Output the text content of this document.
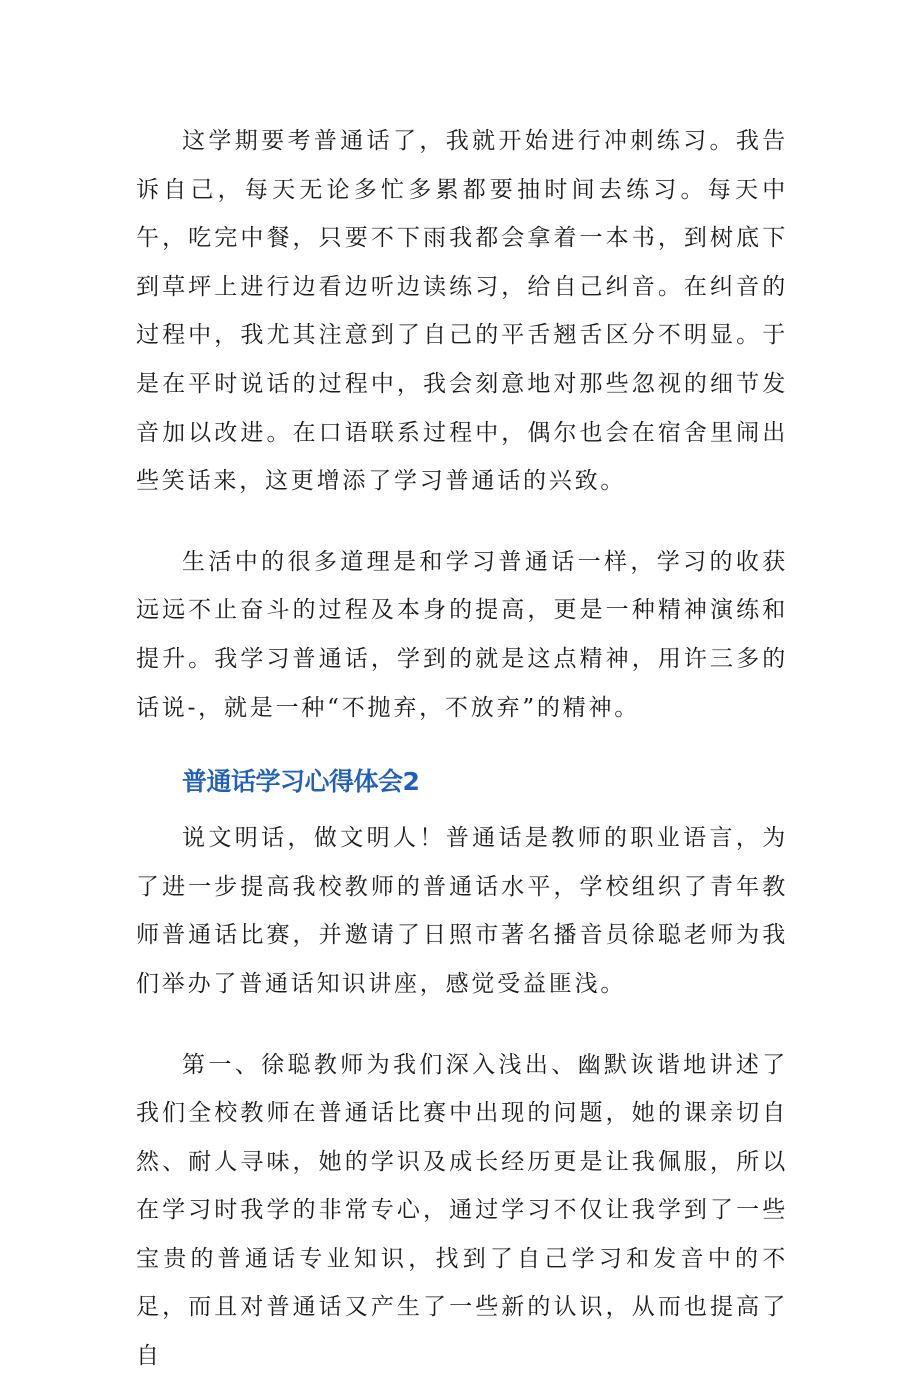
这学期要考普通话了，我就开始进行冲刺练习。我告诉自己，每天无论多忙多累都要抽时间去练习。每天中午，吃完中餐，只要不下雨我都会拿着一本书，到树底下到草坪上进行边看边听边读练习，给自己纠音。在纠音的过程中，我尤其注意到了自己的平舌翘舌区分不明显。于是在平时说话的过程中，我会刻意地对那些忽视的细节发音加以改进。在口语联系过程中，偶尔也会在宿舍里闹出些笑话来，这更增添了学习普通话的兴致。

生活中的很多道理是和学习普通话一样，学习的收获远远不止奋斗的过程及本身的提高，更是一种精神演练和提升。我学习普通话，学到的就是这点精神，用许三多的话说-，就是一种“不抛弃，不放弃”的精神。

普通话学习心得体会2

说文明话，做文明人！普通话是教师的职业语言，为了进一步提高我校教师的普通话水平，学校组织了青年教师普通话比赛，并邀请了日照市著名播音员徐聪老师为我们举办了普通话知识讲座，感觉受益匪浅。

第一、徐聪教师为我们深入浅出、幽默诙谐地讲述了我们全校教师在普通话比赛中出现的问题，她的课亲切自然、耐人寻味，她的学识及成长经历更是让我佩服，所以在学习时我学的非常专心，通过学习不仅让我学到了一些宝贵的普通话专业知识，找到了自己学习和发音中的不足，而且对普通话又产生了一些新的认识，从而也提高了自
